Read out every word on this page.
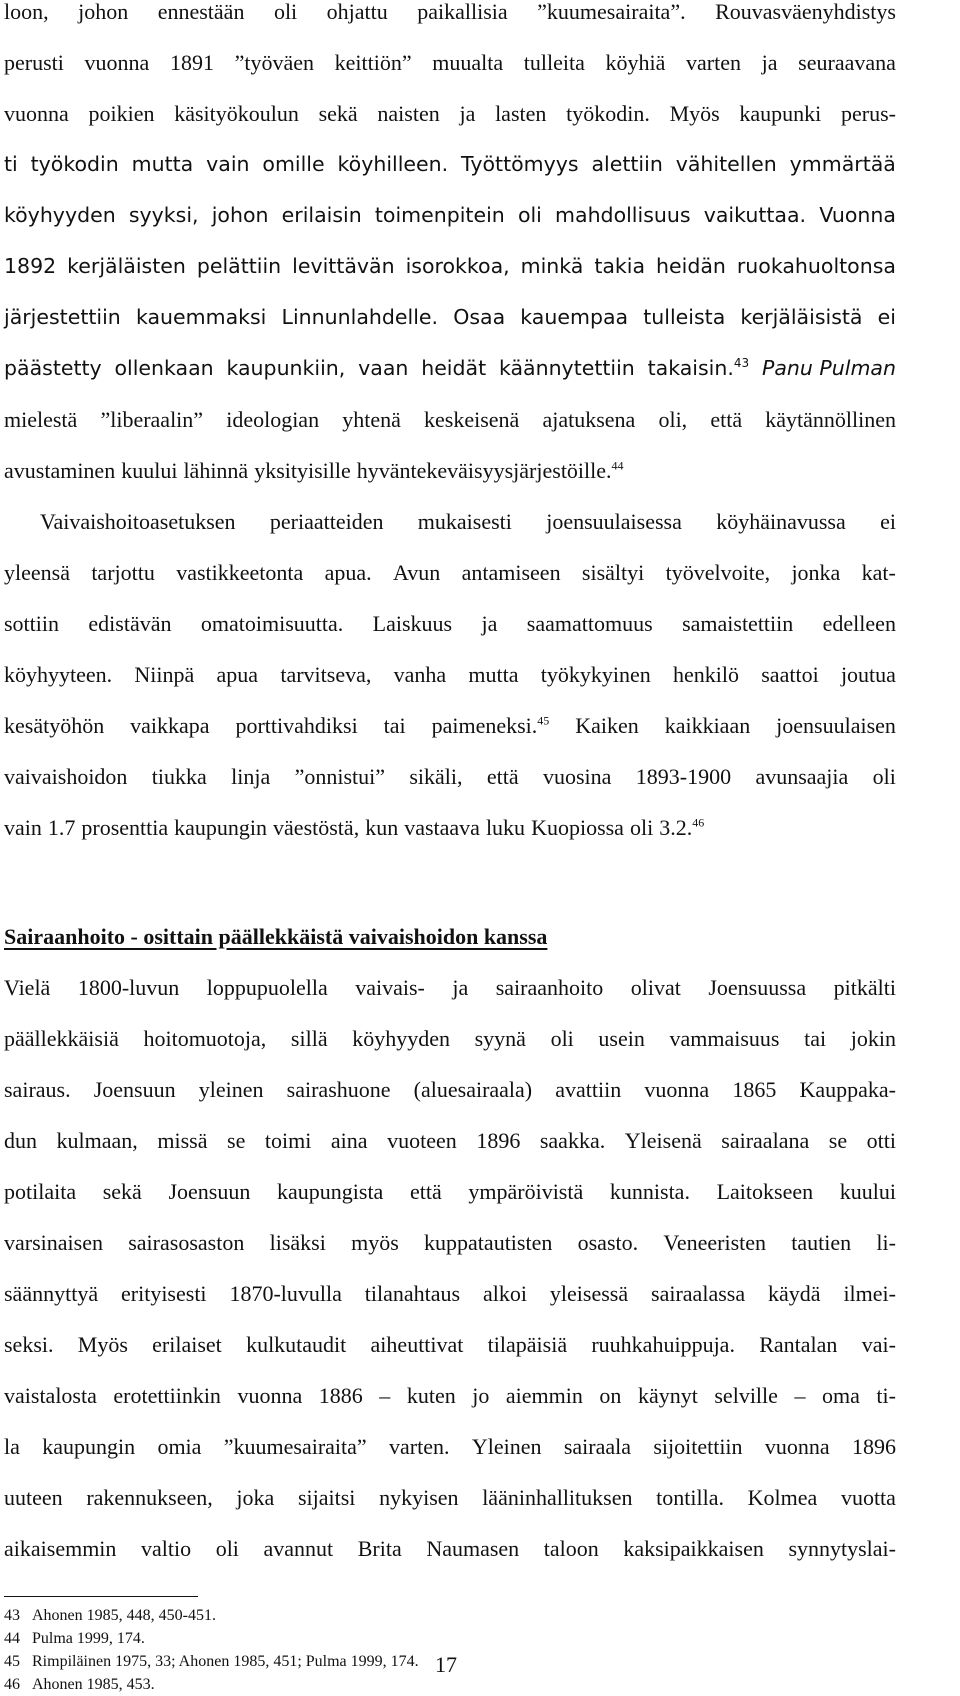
loon, johon ennestään oli ohjattu paikallisia ”kuumesairaita”. Rouvasväenyhdistys
perusti vuonna 1891 ”työväen keittiön” muualta tulleita köyhiä varten ja seuraavana
vuonna poikien käsityökoulun sekä naisten ja lasten työkodin. Myös kaupunki perus-
ti työkodin mutta vain omille köyhilleen. Työttömyys alettiin vähitellen ymmärtää
köyhyyden syyksi, johon erilaisin toimenpitein oli mahdollisuus vaikuttaa. Vuonna
1892 kerjäläisten pelättiin levittävän isorokkoa, minkä takia heidän ruokahuoltonsa
järjestettiin kauemmaksi Linnunlahdelle. Osaa kauempaa tulleista kerjäläisistä ei
päästetty ollenkaan kaupunkiin, vaan heidät käännytettiin takaisin.$^{43}$ Panu Pulman
mielestä ”liberaalin” ideologian yhtenä keskeisenä ajatuksena oli, että käytännöllinen
avustaminen kuului lähinnä yksityisille hyväntekeväisyysjärjestöille.$^{44}$
Vaivaishoitoasetuksen periaatteiden mukaisesti joensuulaisessa köyhäinavussa ei
yleensä tarjottu vastikkeetonta apua. Avun antamiseen sisältyi työvelvoite, jonka kat-
sottiin edistävän omatoimisuutta. Laiskuus ja saamattomuus samaistettiin edelleen
köyhyyteen. Niinpä apua tarvitseva, vanha mutta työkykyinen henkilö saattoi joutua
kesätyöhön vaikkapa porttivahdiksi tai paimeneksi.$^{45}$ Kaiken kaikkiaan joensuulaisen
vaivaishoidon tiukka linja ”onnistui” sikäli, että vuosina 1893-1900 avunsaajia oli
vain 1.7 prosenttia kaupungin väestöstä, kun vastaava luku Kuopiossa oli 3.2.46
Sairaanhoito - osittain päällekkäistä vaivaishoidon kanssa
Vielä 1800-luvun loppupuolella vaivais- ja sairaanhoito olivat Joensuussa pitkälti
päällekkäisiä hoitomuotoja, sillä köyhyyden syynä oli usein vammaisuus tai jokin
sairaus. Joensuun yleinen sairashuone (aluesairaala) avattiin vuonna 1865 Kauppaka-
dun kulmaan, missä se toimi aina vuoteen 1896 saakka. Yleisenä sairaalana se otti
potilaita sekä Joensuun kaupungista että ympäröivistä kunnista. Laitokseen kuului
varsinaisen sairasosaston lisäksi myös kuppatautisten osasto. Veneeristen tautien li-
säännyttyä erityisesti 1870-luvulla tilanahtaus alkoi yleisessä sairaalassa käydä ilmei-
seksi. Myös erilaiset kulkutaudit aiheuttivat tilapäisiä ruuhkahuippuja. Rantalan vai-
vaistalosta erotettiinkin vuonna 1886 – kuten jo aiemmin on käynyt selville – oma ti-
la kaupungin omia ”kuumesairaita” varten. Yleinen sairaala sijoitettiin vuonna 1896
uuteen rakennukseen, joka sijaitsi nykyisen lääninhallituksen tontilla. Kolmea vuotta
aikaisemmin valtio oli avannut Brita Naumasen taloon kaksipaikkaisen synnytyslai-
43 Ahonen 1985, 448, 450-451.
44 Pulma 1999, 174.
45 Rimpiläinen 1975, 33; Ahonen 1985, 451; Pulma 1999, 174.
46 Ahonen 1985, 453.
17
